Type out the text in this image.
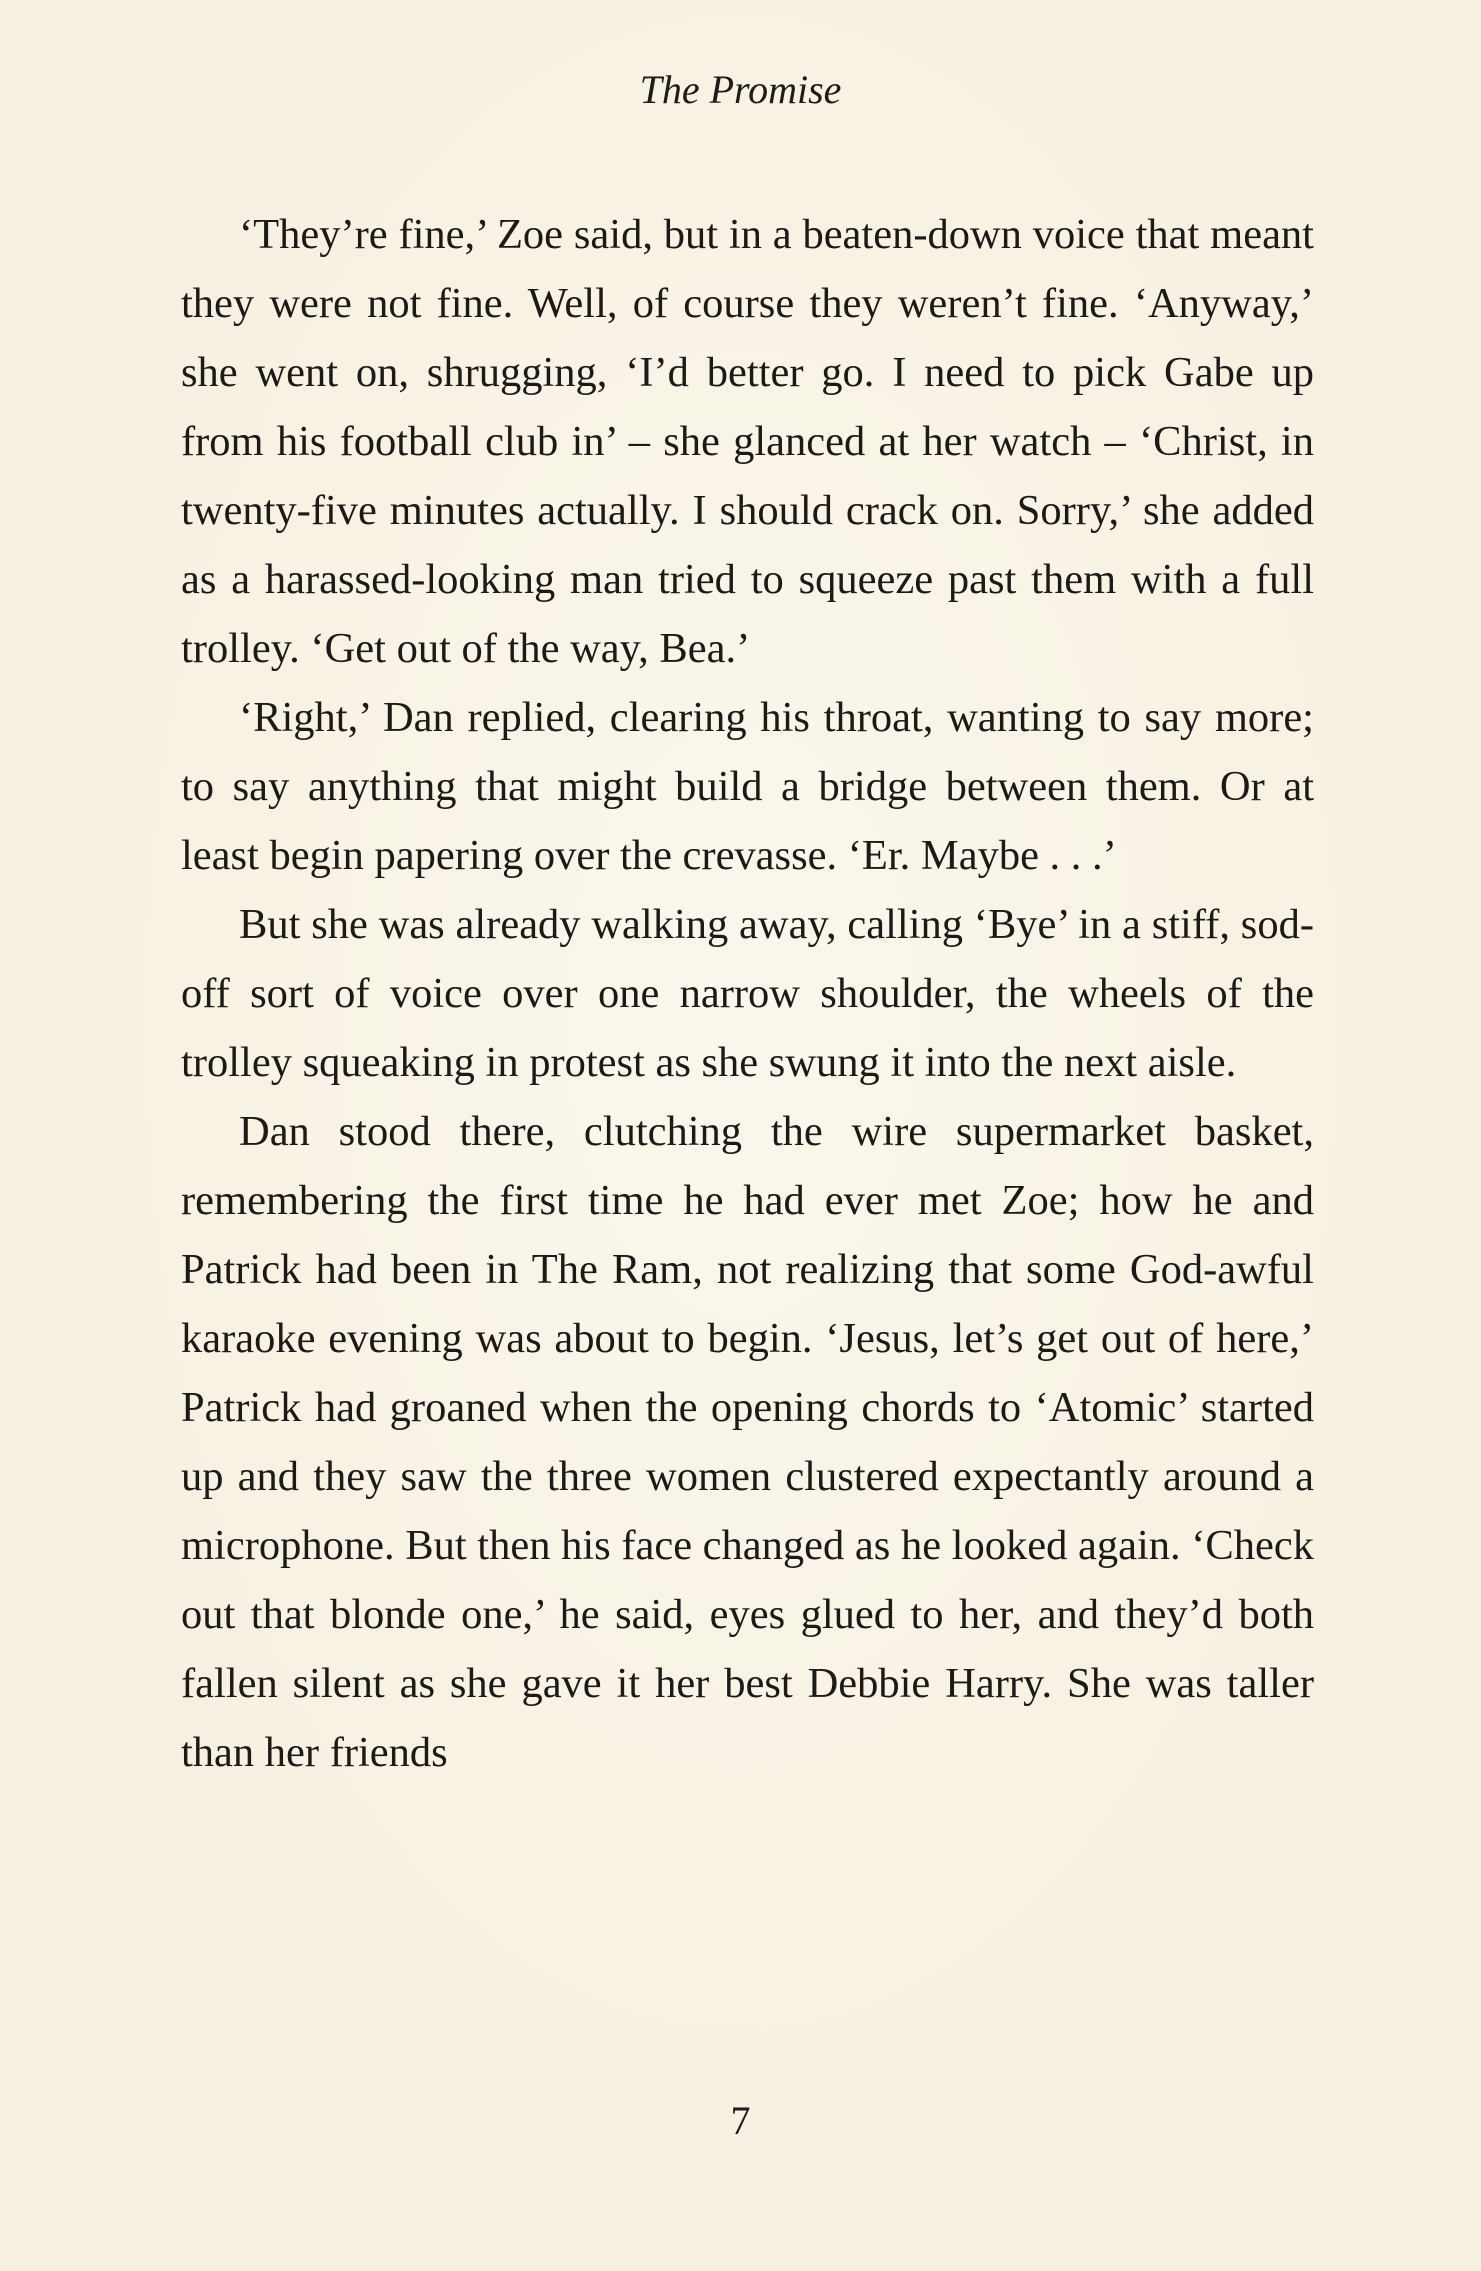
The Promise

‘They’re fine,’ Zoe said, but in a beaten-down voice that meant they were not fine. Well, of course they weren’t fine. ‘Anyway,’ she went on, shrugging, ‘I’d better go. I need to pick Gabe up from his football club in’ – she glanced at her watch – ‘Christ, in twenty-five minutes actually. I should crack on. Sorry,’ she added as a harassed-looking man tried to squeeze past them with a full trolley. ‘Get out of the way, Bea.’

‘Right,’ Dan replied, clearing his throat, wanting to say more; to say anything that might build a bridge between them. Or at least begin papering over the crevasse. ‘Er. Maybe . . .’

But she was already walking away, calling ‘Bye’ in a stiff, sod-off sort of voice over one narrow shoulder, the wheels of the trolley squeaking in protest as she swung it into the next aisle.

Dan stood there, clutching the wire supermarket basket, remembering the first time he had ever met Zoe; how he and Patrick had been in The Ram, not realizing that some God-awful karaoke evening was about to begin. ‘Jesus, let’s get out of here,’ Patrick had groaned when the opening chords to ‘Atomic’ started up and they saw the three women clustered expectantly around a microphone. But then his face changed as he looked again. ‘Check out that blonde one,’ he said, eyes glued to her, and they’d both fallen silent as she gave it her best Debbie Harry. She was taller than her friends

7
